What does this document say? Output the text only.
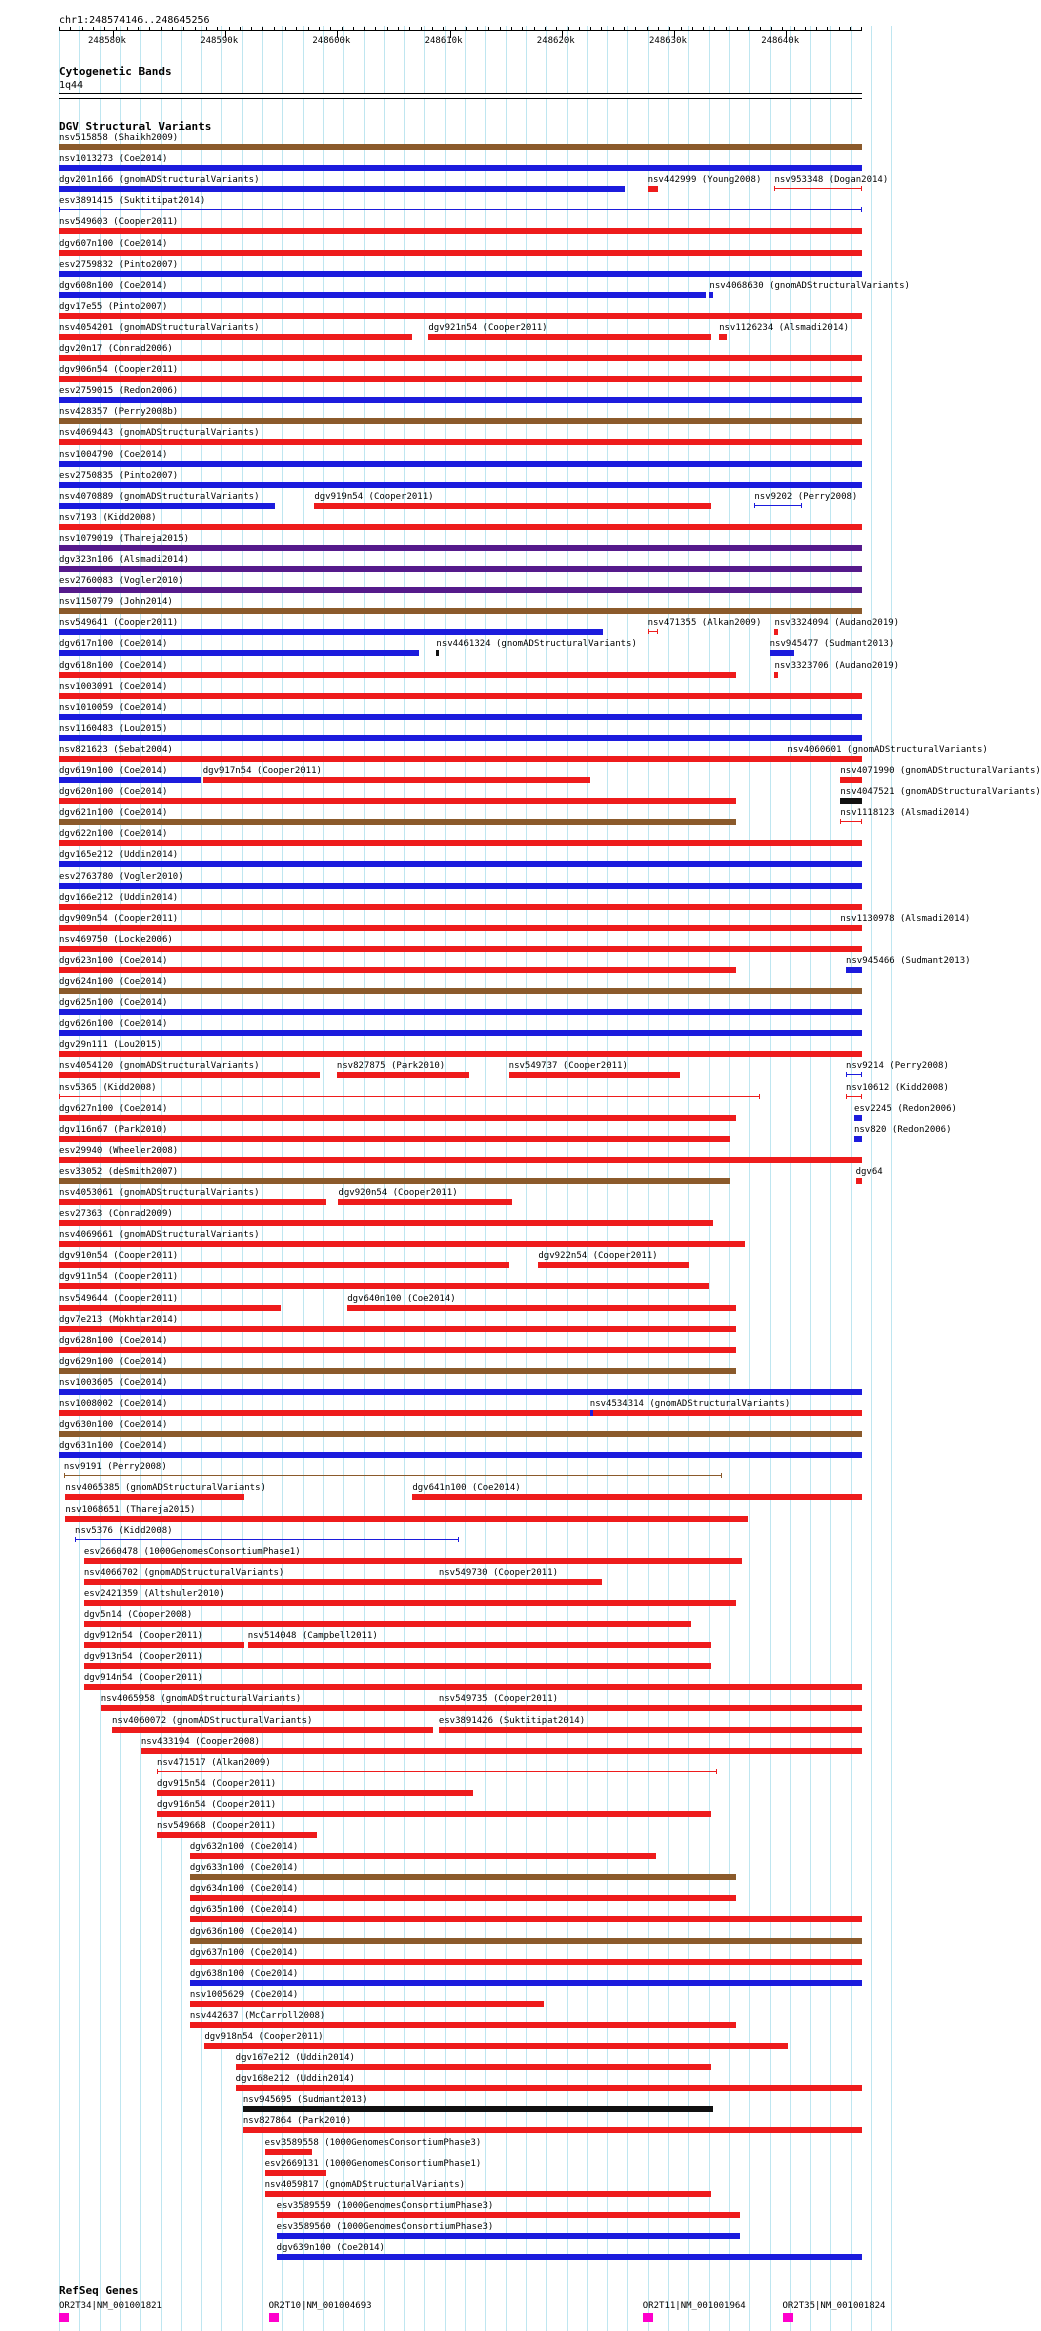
chr1:248574146..248645256
248580k	248590k	248600k	248610k	248620k	248630k	248640k
Cytogenetic Bands
1q44
DGV Structural Variants
nsv515858 (Shaikh2009)
nsv1013273 (Coe2014)
dgv201n166 (gnomADStructuralVariants)	nsv442999 (Young2008) nsv953348 (Dogan2014)
esv3891415 (Suktitipat2014)
nsv549603 (Cooper2011)
dgv607n100 (Coe2014)
esv2759832 (Pinto2007)
dgv608n100 (Coe2014)	nsv4068630 (gnomADStructuralVariants)
dgv17e55 (Pinto2007)
nsv4054201 (gnomADStructuralVariants)	dgv921n54 (Cooper2011)	nsv1126234 (Alsmadi2014)
dgv20n17 (Conrad2006)
dgv906n54 (Cooper2011)
esv2759015 (Redon2006)
nsv428357 (Perry2008b)
nsv4069443 (gnomADStructuralVariants)
nsv1004790 (Coe2014)
esv2750835 (Pinto2007)
nsv4070889 (gnomADStructuralVariants)	dgv919n54 (Cooper2011)	nsv9202 (Perry2008)
nsv7193 (Kidd2008)
nsv1079019 (Thareja2015)
dgv323n106 (Alsmadi2014)
esv2760083 (Vogler2010)
nsv1150779 (John2014)
nsv549641 (Cooper2011)	nsv471355 (Alkan2009) nsv3324094 (Audano2019)
dgv617n100 (Coe2014)	nsv4461324 (gnomADStructuralVariants)	nsv945477 (Sudmant2013)
dgv618n100 (Coe2014)	nsv3323706 (Audano2019)
nsv1003091 (Coe2014)
nsv1010059 (Coe2014)
nsv1160483 (Lou2015)
nsv821623 (Sebat2004)	nsv4060601 (gnomADStructuralVariants)
dgv619n100 (Coe2014)	dgv917n54 (Cooper2011)	nsv4071990 (gnomADStructuralVariants)
dgv620n100 (Coe2014)	nsv4047521 (gnomADStructuralVariants)
dgv621n100 (Coe2014)	nsv1118123 (Alsmadi2014)
dgv622n100 (Coe2014)
dgv165e212 (Uddin2014)
esv2763780 (Vogler2010)
dgv166e212 (Uddin2014)
dgv909n54 (Cooper2011)	nsv1130978 (Alsmadi2014)
nsv469750 (Locke2006)
dgv623n100 (Coe2014)	nsv945466 (Sudmant2013)
dgv624n100 (Coe2014)
dgv625n100 (Coe2014)
dgv626n100 (Coe2014)
dgv29n111 (Lou2015)
nsv4054120 (gnomADStructuralVariants)	nsv827875 (Park2010)	nsv549737 (Cooper2011)	nsv9214 (Perry2008)
nsv5365 (Kidd2008)	nsv10612 (Kidd2008)
dgv627n100 (Coe2014)	esv2245 (Redon2006)
dgv116n67 (Park2010)	nsv820 (Redon2006)
esv29940 (Wheeler2008)
esv33052 (deSmith2007)	dgv64
nsv4053061 (gnomADStructuralVariants)	dgv920n54 (Cooper2011)
esv27363 (Conrad2009)
nsv4069661 (gnomADStructuralVariants)
dgv910n54 (Cooper2011)	dgv922n54 (Cooper2011)
dgv911n54 (Cooper2011)
nsv549644 (Cooper2011)	dgv640n100 (Coe2014)
dgv7e213 (Mokhtar2014)
dgv628n100 (Coe2014)
dgv629n100 (Coe2014)
nsv1003605 (Coe2014)
nsv1008002 (Coe2014)	nsv4534314 (gnomADStructuralVariants)
dgv630n100 (Coe2014)
dgv631n100 (Coe2014)
nsv9191 (Perry2008)
nsv4065385 (gnomADStructuralVariants)	dgv641n100 (Coe2014)
nsv1068651 (Thareja2015)
nsv5376 (Kidd2008)
esv2660478 (1000GenomesConsortiumPhase1)
nsv4066702 (gnomADStructuralVariants)	nsv549730 (Cooper2011)
esv2421359 (Altshuler2010)
dgv5n14 (Cooper2008)
dgv912n54 (Cooper2011)	nsv514048 (Campbell2011)
dgv913n54 (Cooper2011)
dgv914n54 (Cooper2011)
nsv4065958 (gnomADStructuralVariants)	nsv549735 (Cooper2011)
nsv4060072 (gnomADStructuralVariants)	esv3891426 (Suktitipat2014)
nsv433194 (Cooper2008)
nsv471517 (Alkan2009)
dgv915n54 (Cooper2011)
dgv916n54 (Cooper2011)
nsv549668 (Cooper2011)
dgv632n100 (Coe2014)
dgv633n100 (Coe2014)
dgv634n100 (Coe2014)
dgv635n100 (Coe2014)
dgv636n100 (Coe2014)
dgv637n100 (Coe2014)
dgv638n100 (Coe2014)
nsv1005629 (Coe2014)
nsv442637 (McCarroll2008)
dgv918n54 (Cooper2011)
dgv167e212 (Uddin2014)
dgv168e212 (Uddin2014)
nsv945695 (Sudmant2013)
nsv827864 (Park2010)
esv3589558 (1000GenomesConsortiumPhase3)
esv2669131 (1000GenomesConsortiumPhase1)
nsv4059817 (gnomADStructuralVariants)
esv3589559 (1000GenomesConsortiumPhase3)
esv3589560 (1000GenomesConsortiumPhase3)
dgv639n100 (Coe2014)
RefSeq Genes
OR2T34|NM_001001821	OR2T10|NM_001004693	OR2T11|NM_001001964	OR2T35|NM_001001824
